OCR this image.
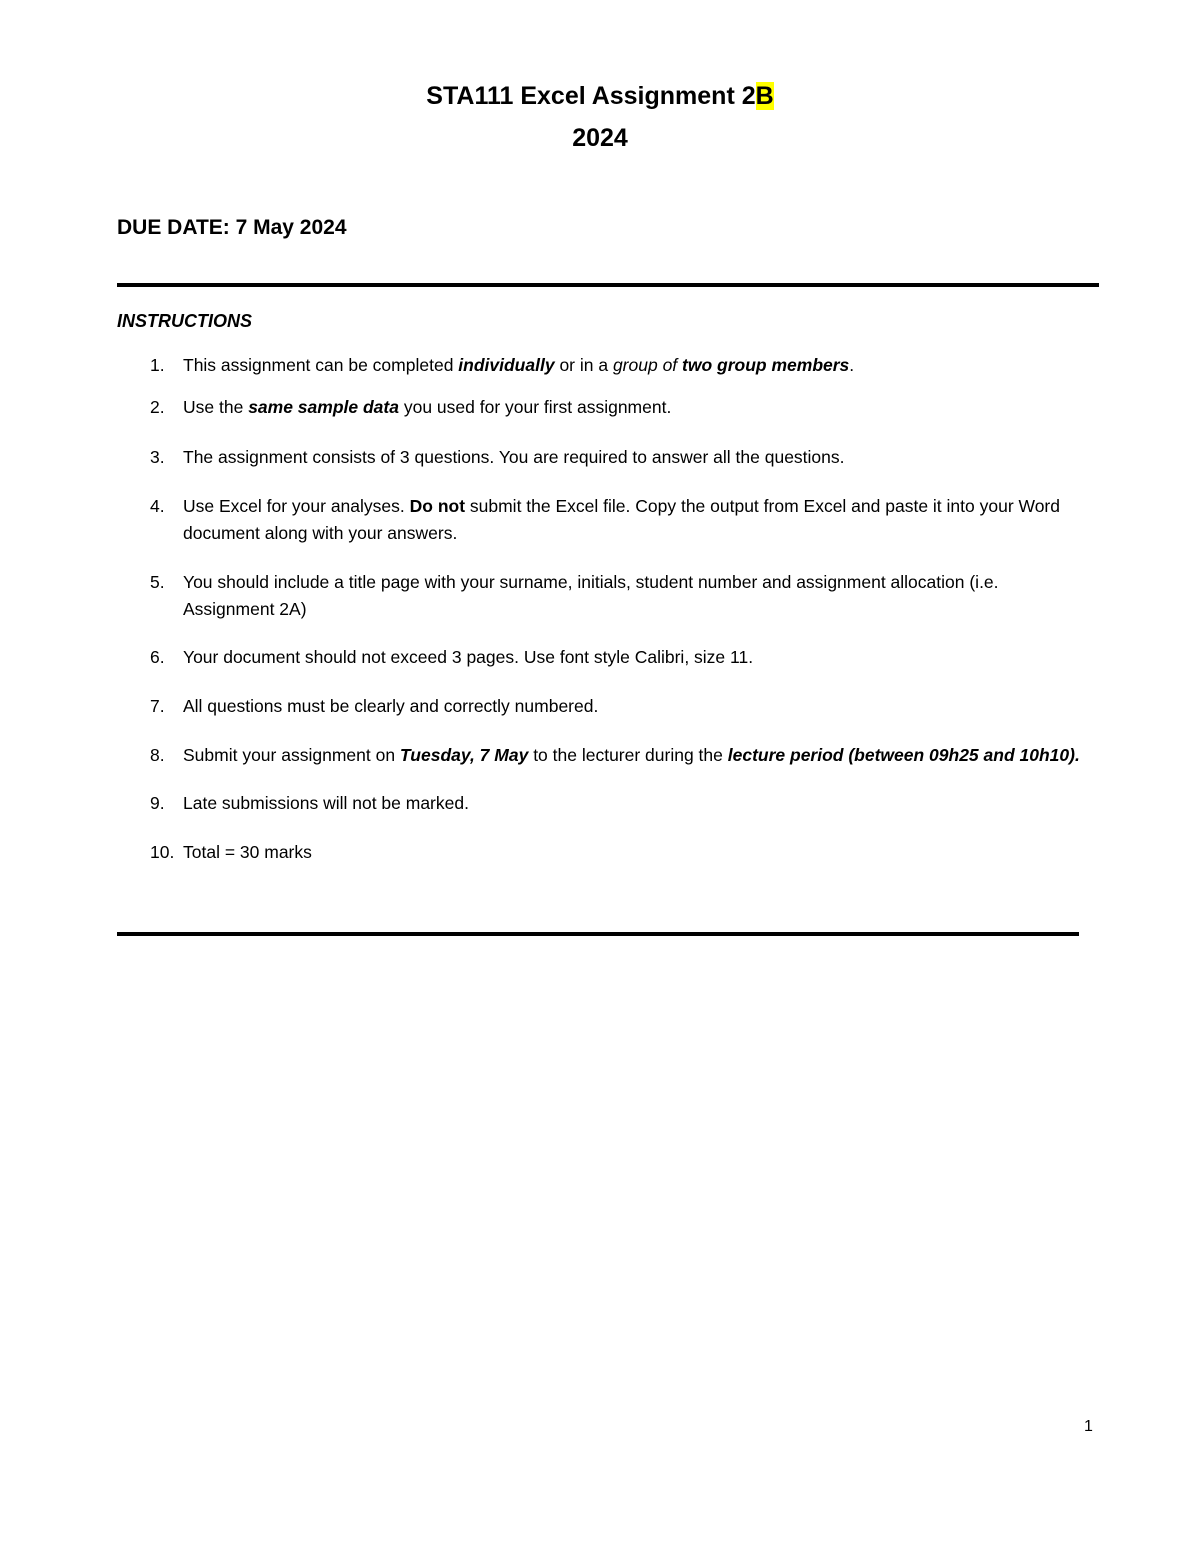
STA111 Excel Assignment 2B
2024
DUE DATE: 7 May 2024
INSTRUCTIONS
1. This assignment can be completed individually or in a group of two group members.
2. Use the same sample data you used for your first assignment.
3. The assignment consists of 3 questions. You are required to answer all the questions.
4. Use Excel for your analyses. Do not submit the Excel file. Copy the output from Excel and paste it into your Word document along with your answers.
5. You should include a title page with your surname, initials, student number and assignment allocation (i.e. Assignment 2A)
6. Your document should not exceed 3 pages. Use font style Calibri, size 11.
7. All questions must be clearly and correctly numbered.
8. Submit your assignment on Tuesday, 7 May to the lecturer during the lecture period (between 09h25 and 10h10).
9. Late submissions will not be marked.
10. Total = 30 marks
1
